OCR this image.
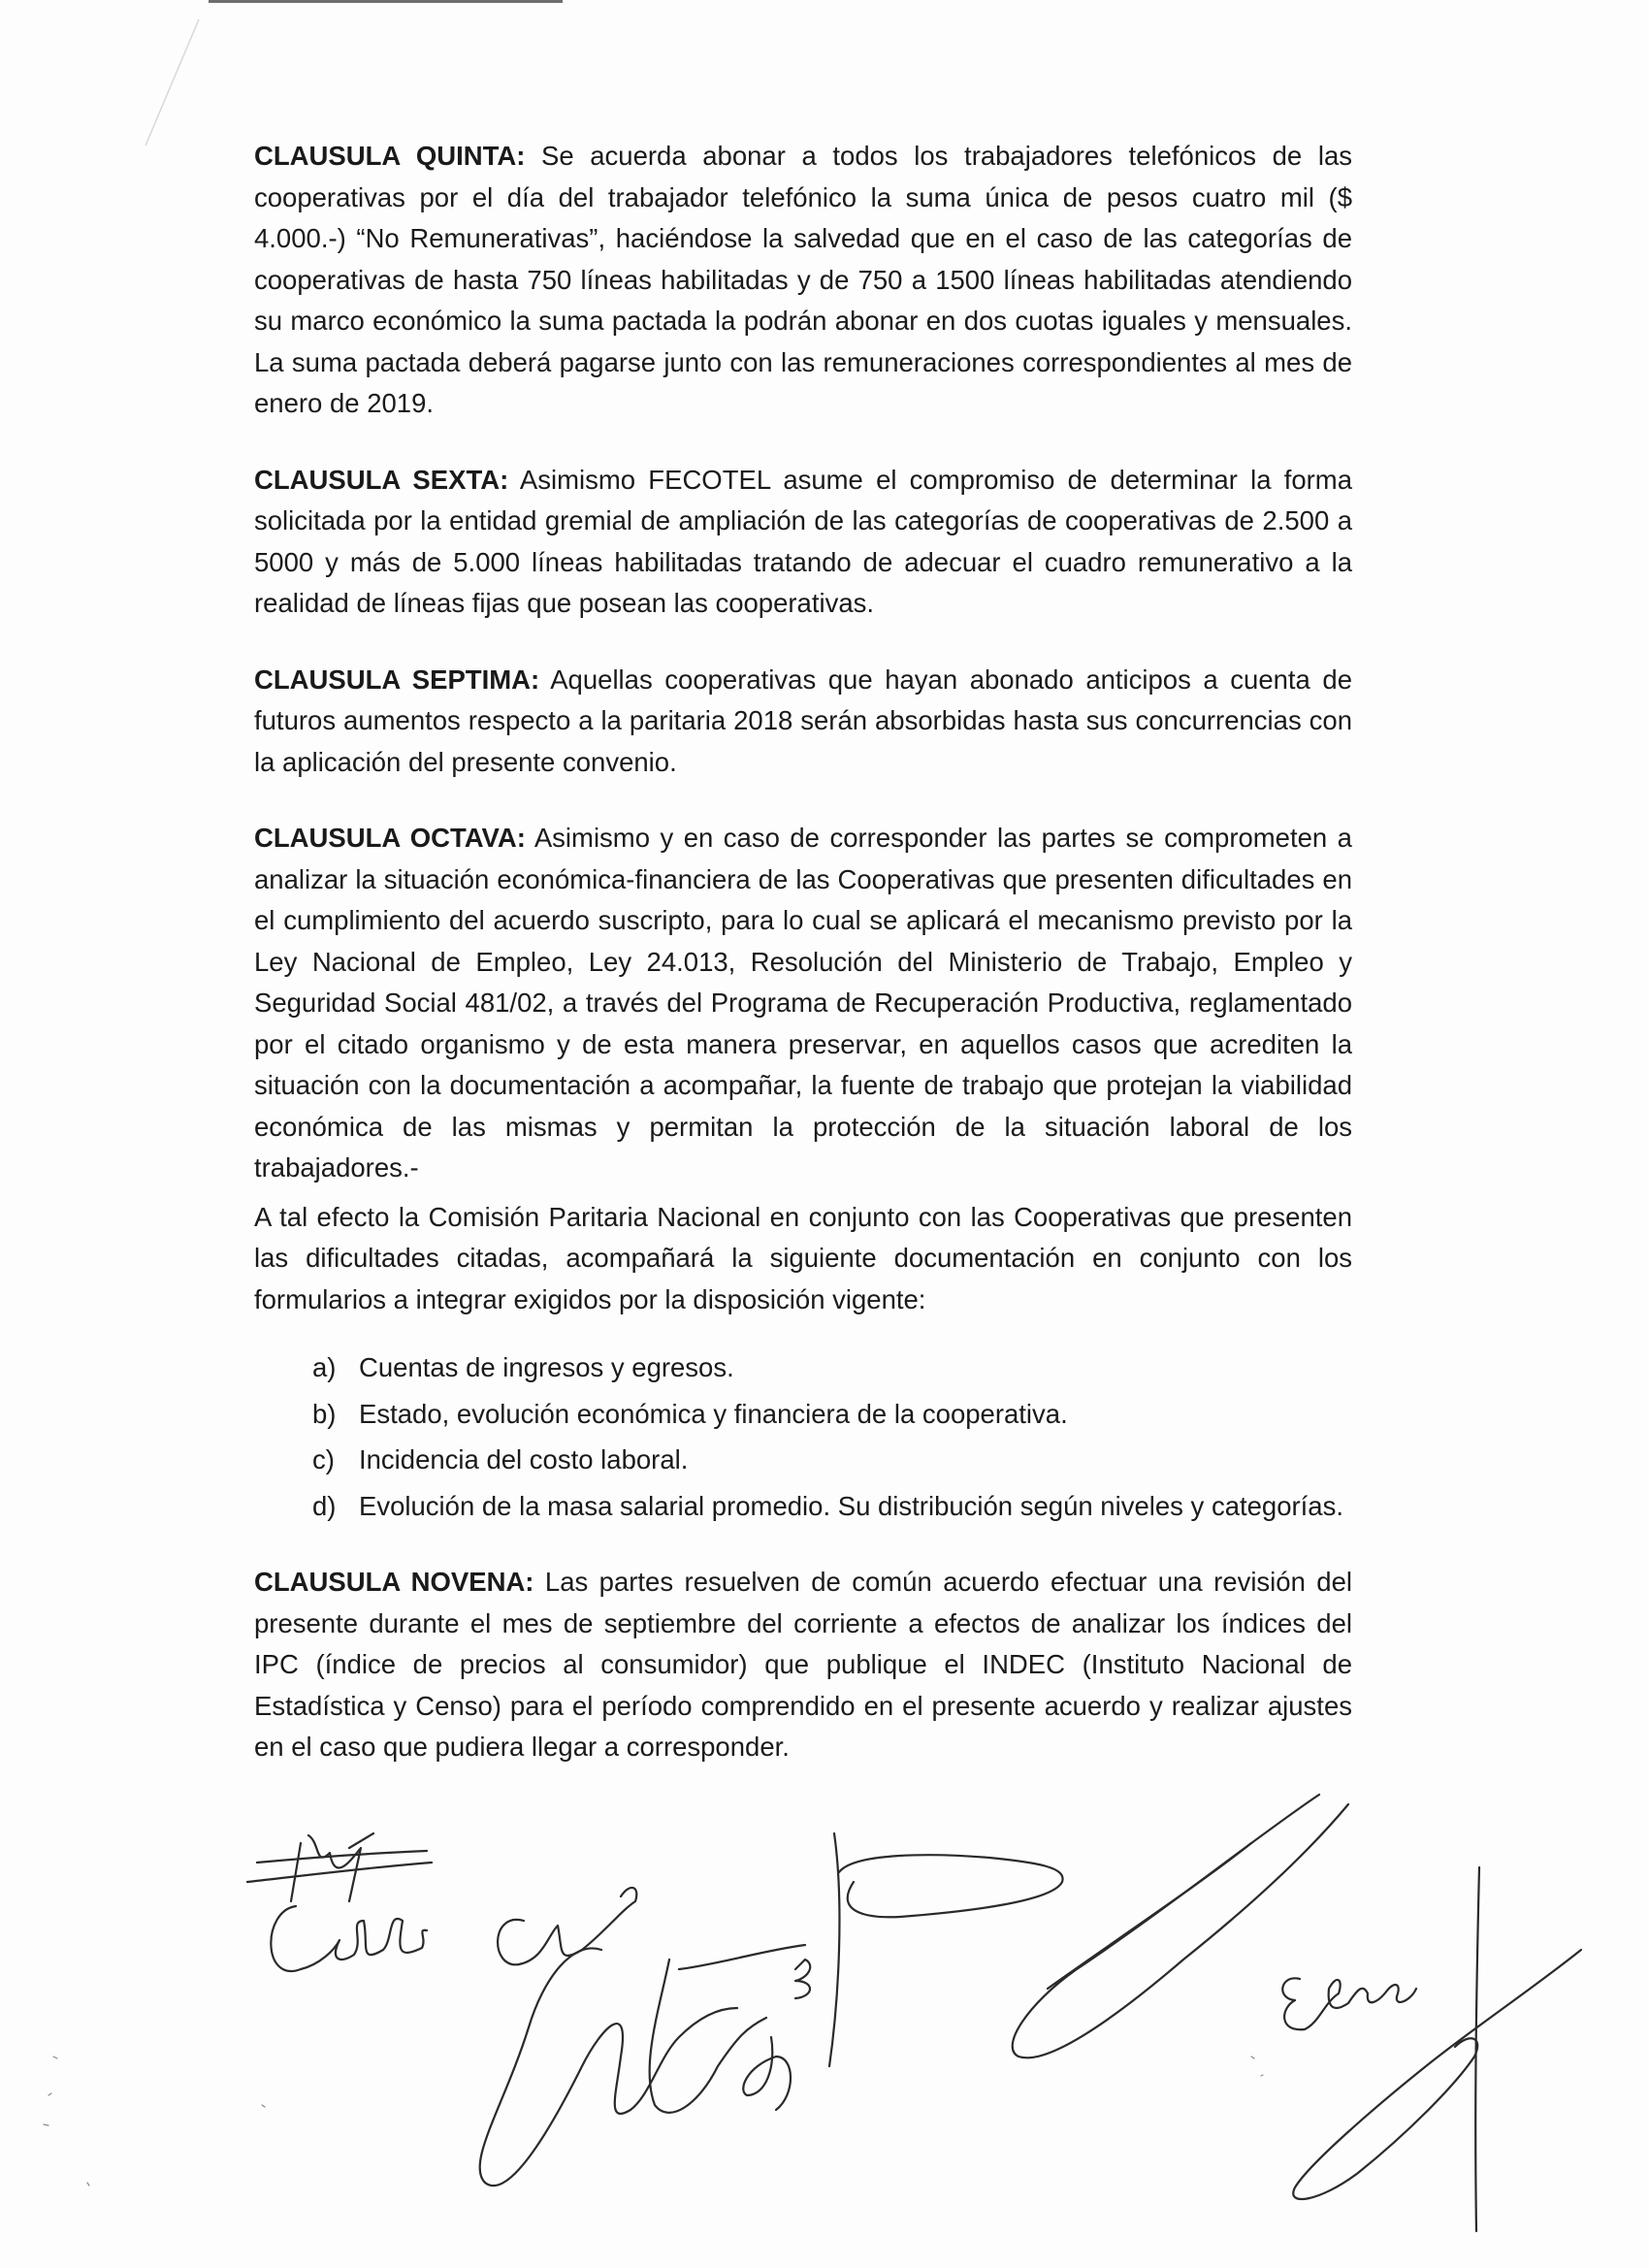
CLAUSULA QUINTA: Se acuerda abonar a todos los trabajadores telefónicos de las cooperativas por el día del trabajador telefónico la suma única de pesos cuatro mil ($ 4.000.-) “No Remunerativas”, haciéndose la salvedad que en el caso de las categorías de cooperativas de hasta 750 líneas habilitadas y de 750 a 1500 líneas habilitadas atendiendo su marco económico la suma pactada la podrán abonar en dos cuotas iguales y mensuales. La suma pactada deberá pagarse junto con las remuneraciones correspondientes al mes de enero de 2019.

CLAUSULA SEXTA: Asimismo FECOTEL asume el compromiso de determinar la forma solicitada por la entidad gremial de ampliación de las categorías de cooperativas de 2.500 a 5000 y más de 5.000 líneas habilitadas tratando de adecuar el cuadro remunerativo a la realidad de líneas fijas que posean las cooperativas.

CLAUSULA SEPTIMA: Aquellas cooperativas que hayan abonado anticipos a cuenta de futuros aumentos respecto a la paritaria 2018 serán absorbidas hasta sus concurrencias con la aplicación del presente convenio.

CLAUSULA OCTAVA: Asimismo y en caso de corresponder las partes se comprometen a analizar la situación económica-financiera de las Cooperativas que presenten dificultades en el cumplimiento del acuerdo suscripto, para lo cual se aplicará el mecanismo previsto por la Ley Nacional de Empleo, Ley 24.013, Resolución del Ministerio de Trabajo, Empleo y Seguridad Social 481/02, a través del Programa de Recuperación Productiva, reglamentado por el citado organismo y de esta manera preservar, en aquellos casos que acrediten la situación con la documentación a acompañar, la fuente de trabajo que protejan la viabilidad económica de las mismas y permitan la protección de la situación laboral de los trabajadores.-

A tal efecto la Comisión Paritaria Nacional en conjunto con las Cooperativas que presenten las dificultades citadas, acompañará la siguiente documentación en conjunto con los formularios a integrar exigidos por la disposición vigente:

a) Cuentas de ingresos y egresos.
b) Estado, evolución económica y financiera de la cooperativa.
c) Incidencia del costo laboral.
d) Evolución de la masa salarial promedio. Su distribución según niveles y categorías.

CLAUSULA NOVENA: Las partes resuelven de común acuerdo efectuar una revisión del presente durante el mes de septiembre del corriente a efectos de analizar los índices del IPC (índice de precios al consumidor) que publique el INDEC (Instituto Nacional de Estadística y Censo) para el período comprendido en el presente acuerdo y realizar ajustes en el caso que pudiera llegar a corresponder.
